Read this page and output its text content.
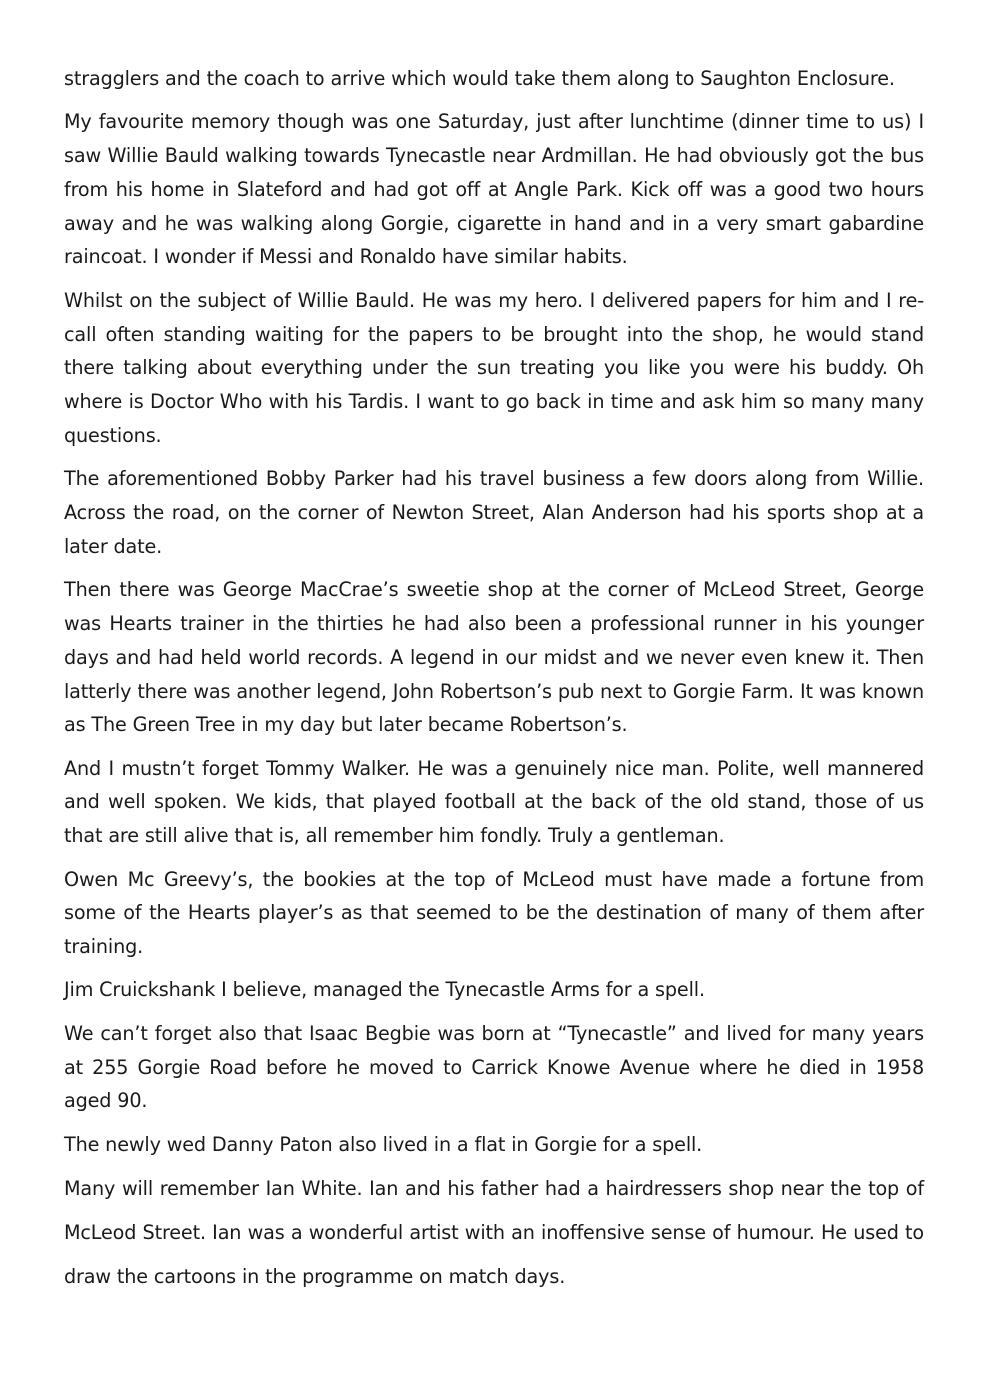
stragglers and the coach to arrive which would take them along to Saughton Enclosure.

My favourite memory though was one Saturday, just after lunchtime (dinner time to us) I saw Willie Bauld walking towards Tynecastle near Ardmillan. He had obviously got the bus from his home in Slateford and had got off at Angle Park. Kick off was a good two hours away and he was walking along Gorgie, cigarette in hand and in a very smart gabardine raincoat. I wonder if Messi and Ronaldo have similar habits.

Whilst on the subject of Willie Bauld. He was my hero. I delivered papers for him and I re-call often standing waiting for the papers to be brought into the shop, he would stand there talking about everything under the sun treating you like you were his buddy. Oh where is Doctor Who with his Tardis. I want to go back in time and ask him so many many questions.

The aforementioned Bobby Parker had his travel business a few doors along from Willie. Across the road, on the corner of Newton Street, Alan Anderson had his sports shop at a later date.

Then there was George MacCrae’s sweetie shop at the corner of McLeod Street, George was Hearts trainer in the thirties he had also been a professional runner in his younger days and had held world records. A legend in our midst and we never even knew it. Then latterly there was another legend, John Robertson’s pub next to Gorgie Farm. It was known as The Green Tree in my day but later became Robertson’s.

And I mustn’t forget Tommy Walker. He was a genuinely nice man. Polite, well mannered and well spoken. We kids, that played football at the back of the old stand, those of us that are still alive that is, all remember him fondly. Truly a gentleman.

Owen Mc Greevy’s, the bookies at the top of McLeod must have made a fortune from some of the Hearts player’s as that seemed to be the destination of many of them after training.

Jim Cruickshank I believe, managed the Tynecastle Arms for a spell.

We can’t forget also that Isaac Begbie was born at “Tynecastle” and lived for many years at 255 Gorgie Road before he moved to Carrick Knowe Avenue where he died in 1958 aged 90.

The newly wed Danny Paton also lived in a flat in Gorgie for a spell.

Many will remember Ian White. Ian and his father had a hairdressers shop near the top of McLeod Street. Ian was a wonderful artist with an inoffensive sense of humour. He used to draw the cartoons in the programme on match days.
